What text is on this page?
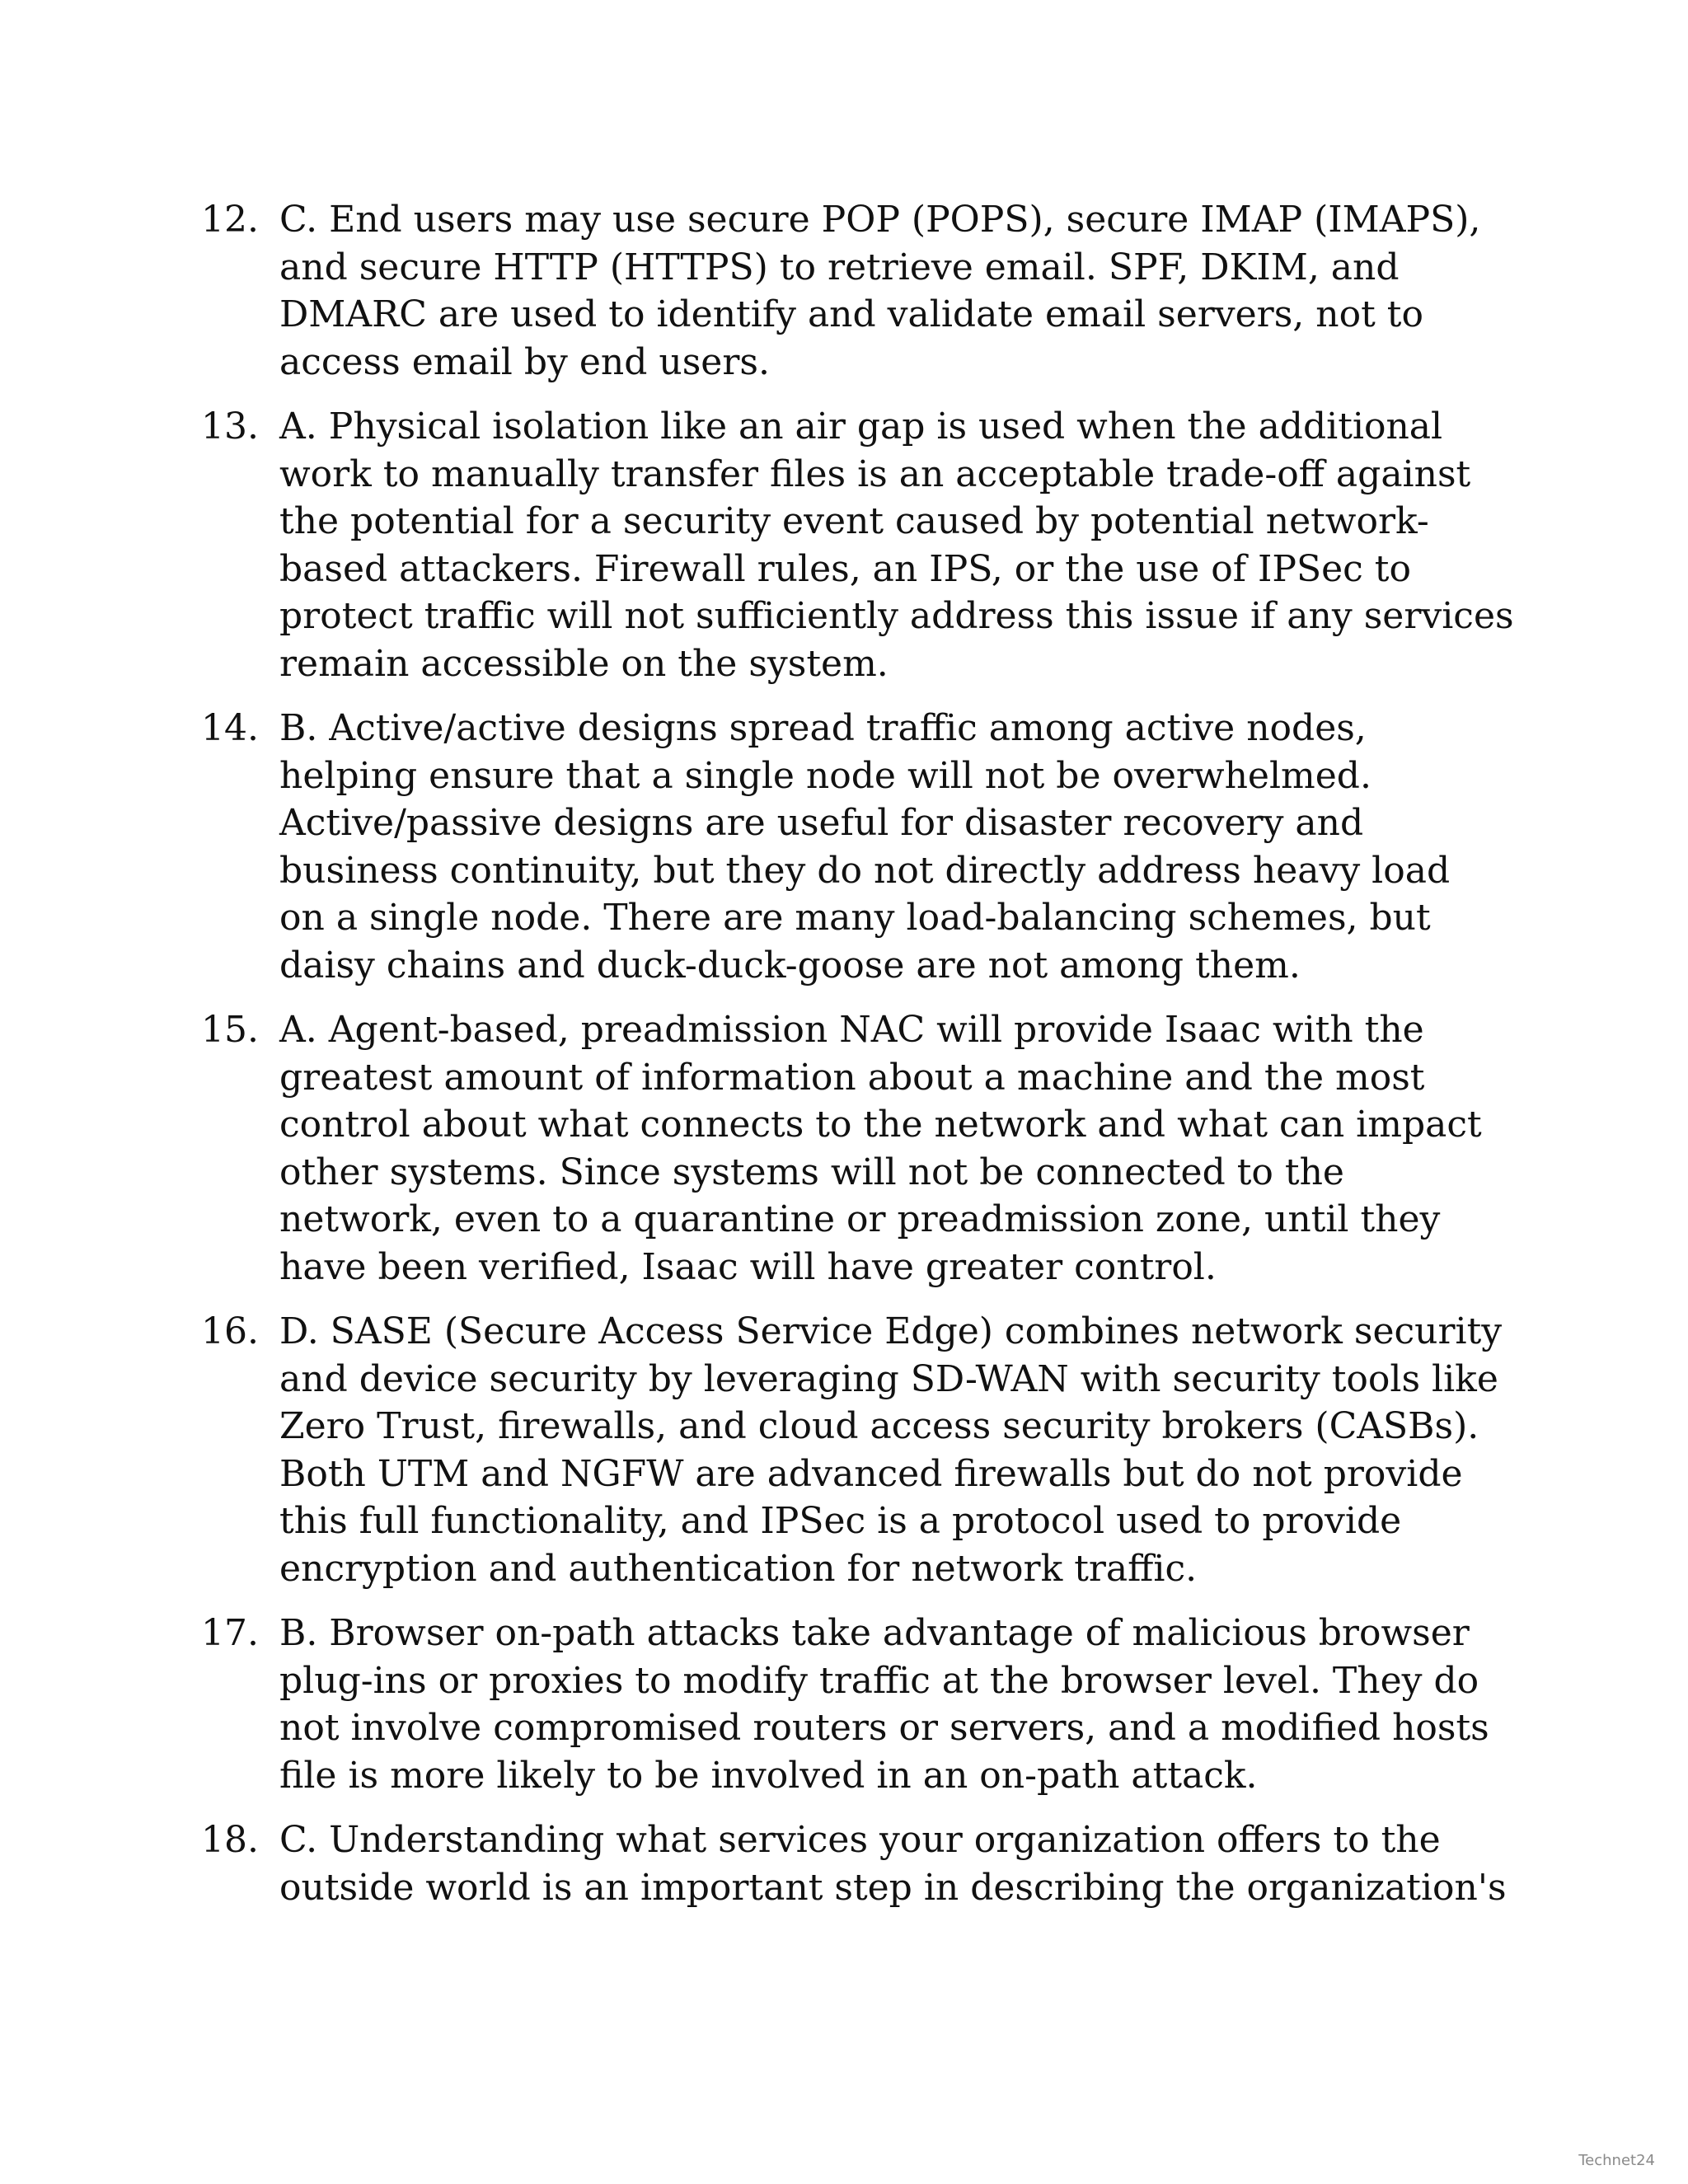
12. C. End users may use secure POP (POPS), secure IMAP (IMAPS),
and secure HTTP (HTTPS) to retrieve email. SPF, DKIM, and
DMARC are used to identify and validate email servers, not to
access email by end users.
13. A. Physical isolation like an air gap is used when the additional
work to manually transfer files is an acceptable trade-off against
the potential for a security event caused by potential network-
based attackers. Firewall rules, an IPS, or the use of IPSec to
protect traffic will not sufficiently address this issue if any services
remain accessible on the system.
14. B. Active/active designs spread traffic among active nodes,
helping ensure that a single node will not be overwhelmed.
Active/passive designs are useful for disaster recovery and
business continuity, but they do not directly address heavy load
on a single node. There are many load-balancing schemes, but
daisy chains and duck-duck-goose are not among them.
15. A. Agent-based, preadmission NAC will provide Isaac with the
greatest amount of information about a machine and the most
control about what connects to the network and what can impact
other systems. Since systems will not be connected to the
network, even to a quarantine or preadmission zone, until they
have been verified, Isaac will have greater control.
16. D. SASE (Secure Access Service Edge) combines network security
and device security by leveraging SD-WAN with security tools like
Zero Trust, firewalls, and cloud access security brokers (CASBs).
Both UTM and NGFW are advanced firewalls but do not provide
this full functionality, and IPSec is a protocol used to provide
encryption and authentication for network traffic.
17. B. Browser on-path attacks take advantage of malicious browser
plug-ins or proxies to modify traffic at the browser level. They do
not involve compromised routers or servers, and a modified hosts
file is more likely to be involved in an on-path attack.
18. C. Understanding what services your organization offers to the
outside world is an important step in describing the organization's
Technet24
